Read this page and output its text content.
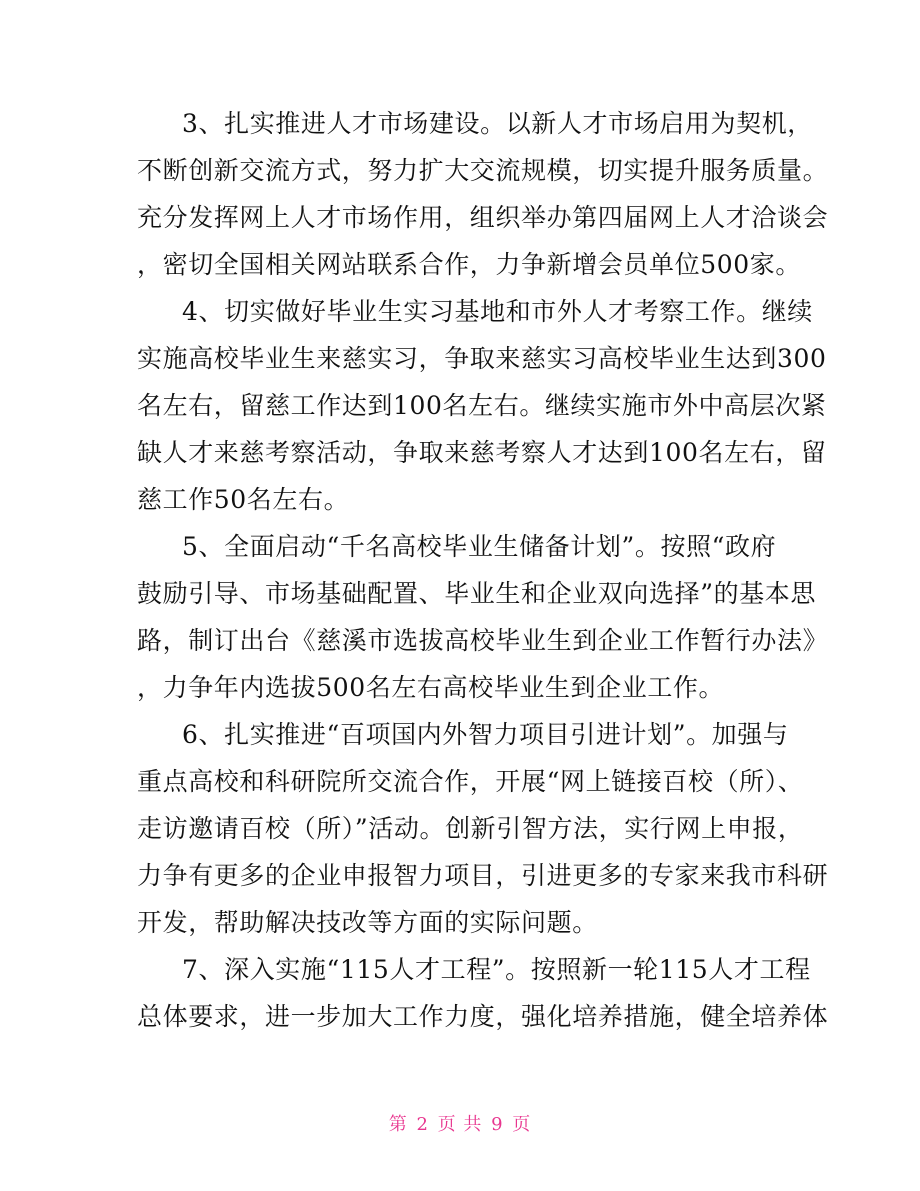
3、扎实推进人才市场建设。以新人才市场启用为契机，
不断创新交流方式，努力扩大交流规模，切实提升服务质量。
充分发挥网上人才市场作用，组织举办第四届网上人才洽谈会
，密切全国相关网站联系合作，力争新增会员单位500家。
4、切实做好毕业生实习基地和市外人才考察工作。继续
实施高校毕业生来慈实习，争取来慈实习高校毕业生达到300
名左右，留慈工作达到100名左右。继续实施市外中高层次紧
缺人才来慈考察活动，争取来慈考察人才达到100名左右，留
慈工作50名左右。
5、全面启动“千名高校毕业生储备计划”。按照“政府
鼓励引导、市场基础配置、毕业生和企业双向选择”的基本思
路，制订出台《慈溪市选拔高校毕业生到企业工作暂行办法》
，力争年内选拔500名左右高校毕业生到企业工作。
6、扎实推进“百项国内外智力项目引进计划”。加强与
重点高校和科研院所交流合作，开展“网上链接百校（所）、
走访邀请百校（所）”活动。创新引智方法，实行网上申报，
力争有更多的企业申报智力项目，引进更多的专家来我市科研
开发，帮助解决技改等方面的实际问题。
7、深入实施“115人才工程”。按照新一轮115人才工程
总体要求，进一步加大工作力度，强化培养措施，健全培养体
第 2 页 共 9 页
